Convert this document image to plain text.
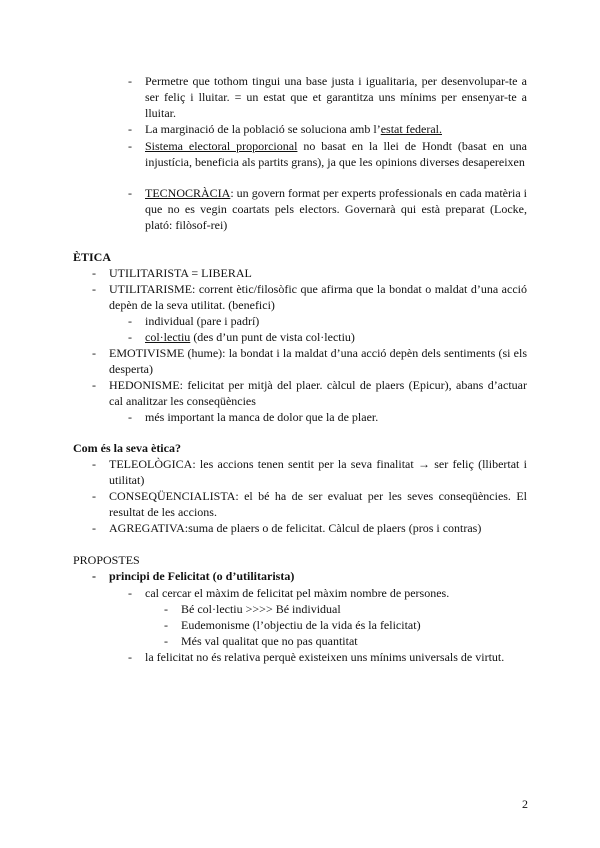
- Permetre que tothom tingui una base justa i igualitaria, per desenvolupar-te a ser feliç i lluitar. = un estat que et garantitza uns mínims per ensenyar-te a lluitar.
- La marginació de la població se soluciona amb l’estat federal.
- Sistema electoral proporcional no basat en la llei de Hondt (basat en una injustícia, beneficia als partits grans), ja que les opinions diverses desapereixen
- TECNOCRÀCIA: un govern format per experts professionals en cada matèria i que no es vegin coartats pels electors. Governarà qui està preparat (Locke, plató: filòsof-rei)
ÈTICA
- UTILITARISTA = LIBERAL
- UTILITARISME: corrent ètic/filosòfic que afirma que la bondat o maldat d’una acció depèn de la seva utilitat. (benefici)
- individual (pare i padrí)
- col·lectiu (des d’un punt de vista col·lectiu)
- EMOTIVISME (hume): la bondat i la maldat d’una acció depèn dels sentiments (si els desperta)
- HEDONISME: felicitat per mitjà del plaer. càlcul de plaers (Epicur), abans d’actuar cal analitzar les conseqüències
- més important la manca de dolor que la de plaer.
Com és la seva ètica?
- TELEOLÒGICA: les accions tenen sentit per la seva finalitat → ser feliç (llibertat i utilitat)
- CONSEQÜENCIALISTA: el bé ha de ser evaluat per les seves conseqüències. El resultat de les accions.
- AGREGATIVA:suma de plaers o de felicitat. Càlcul de plaers (pros i contras)
PROPOSTES
- principi de Felicitat (o d’utilitarista)
- cal cercar el màxim de felicitat pel màxim nombre de persones.
- Bé col·lectiu >>>> Bé individual
- Eudemonisme (l’objectiu de la vida és la felicitat)
- Més val qualitat que no pas quantitat
- la felicitat no és relativa perquè existeixen uns mínims universals de virtut.
2
